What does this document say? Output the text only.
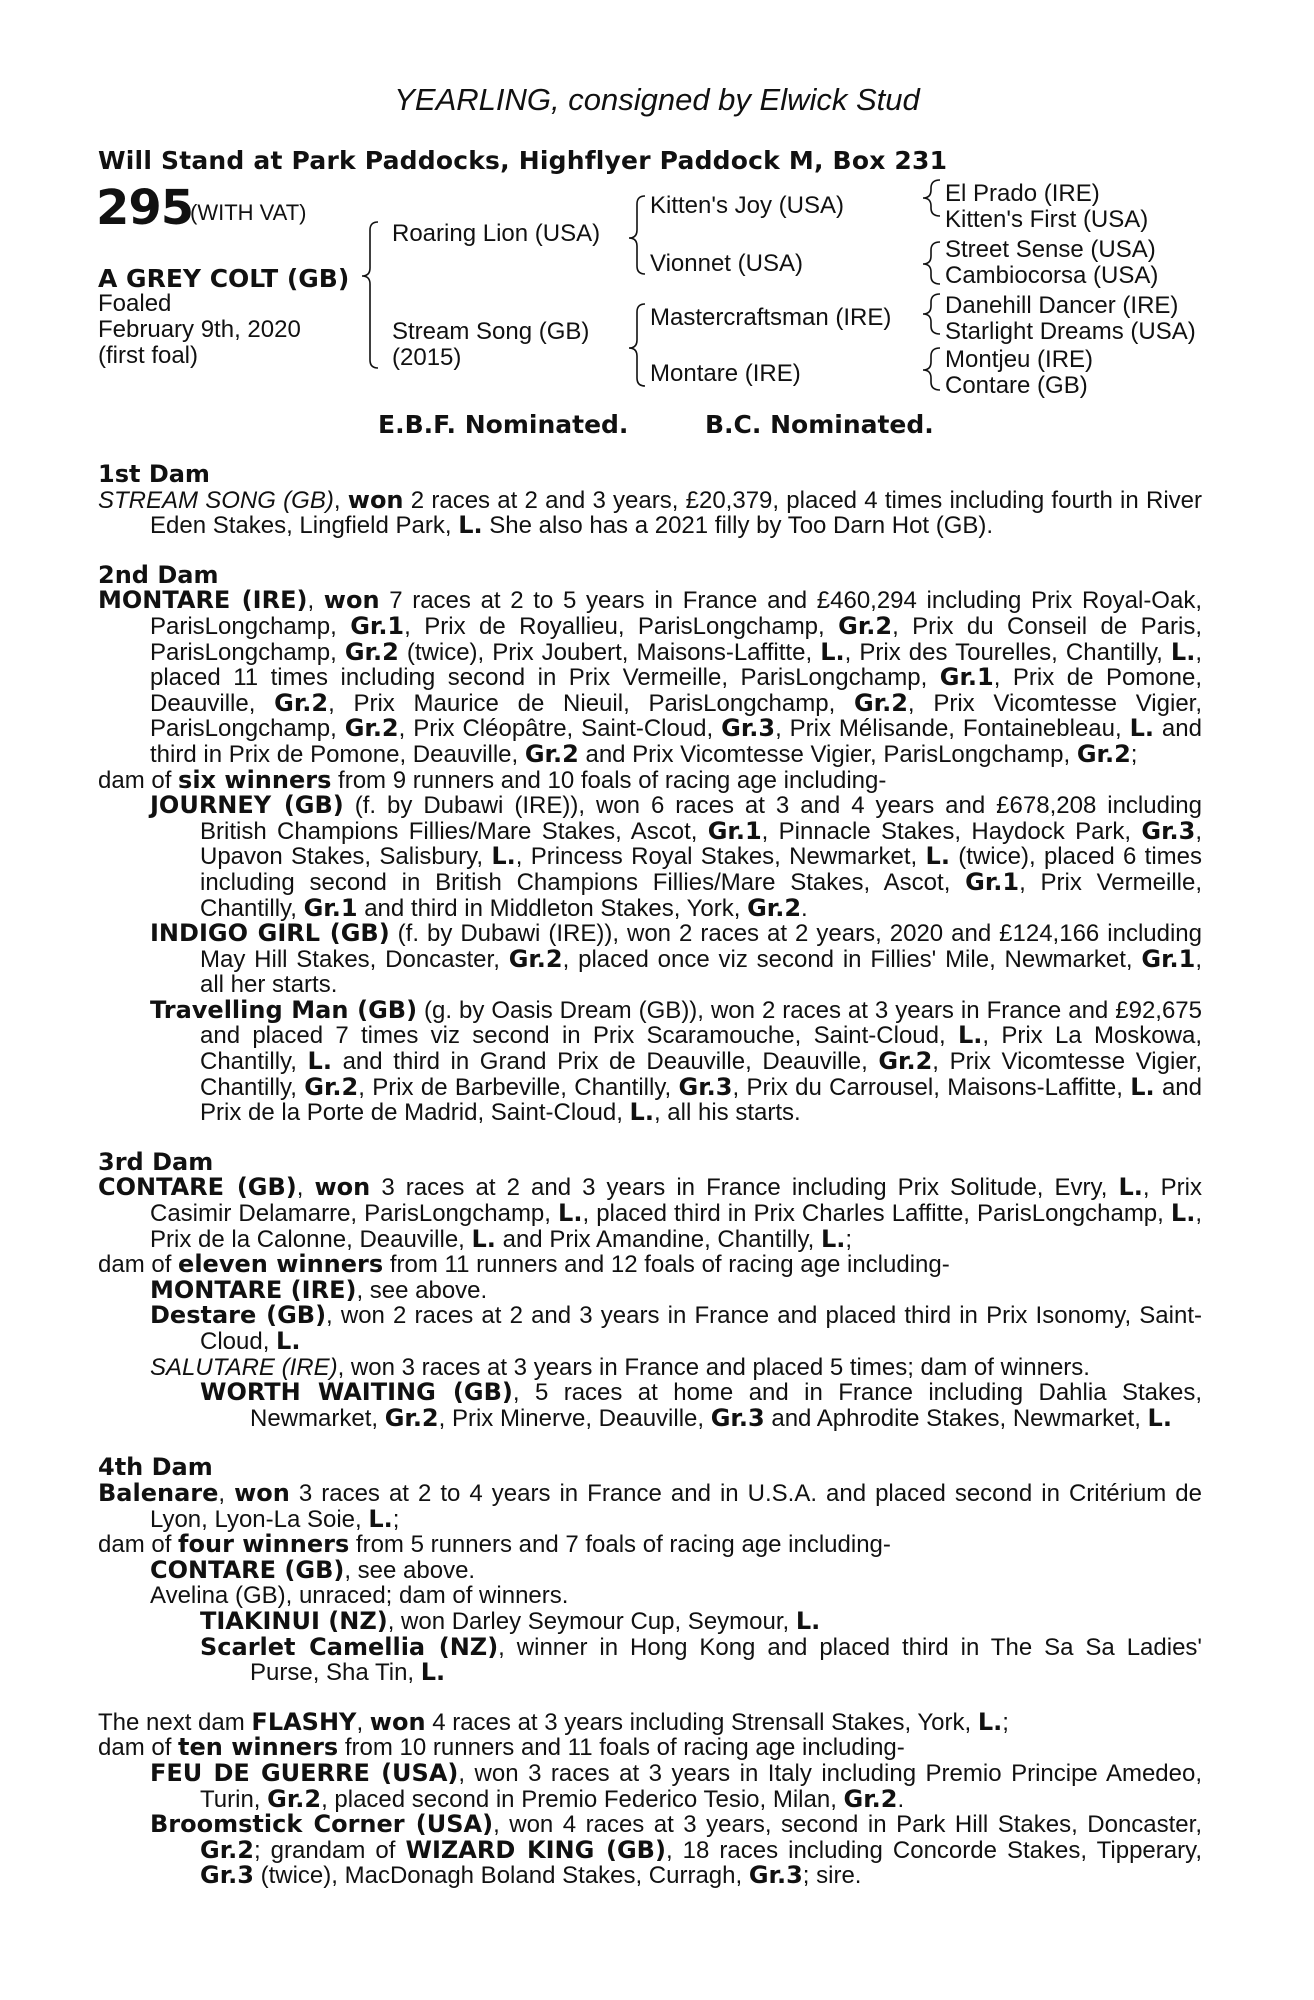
YEARLING, consigned by Elwick Stud
Will Stand at Park Paddocks, Highflyer Paddock M, Box 231
295
(WITH VAT)
A GREY COLT (GB)
Foaled
February 9th, 2020
(first foal)
Roaring Lion (USA)
Stream Song (GB)
(2015)
Kitten's Joy (USA)
Vionnet (USA)
Mastercraftsman (IRE)
Montare (IRE)
El Prado (IRE)
Kitten's First (USA)
Street Sense (USA)
Cambiocorsa (USA)
Danehill Dancer (IRE)
Starlight Dreams (USA)
Montjeu (IRE)
Contare (GB)
E.B.F. Nominated.	B.C. Nominated.
1st Dam
STREAM SONG (GB), won 2 races at 2 and 3 years, £20,379, placed 4 times including fourth in River Eden Stakes, Lingfield Park, L. She also has a 2021 filly by Too Darn Hot (GB).
2nd Dam
MONTARE (IRE), won 7 races at 2 to 5 years in France and £460,294 including Prix Royal-Oak, ParisLongchamp, Gr.1, Prix de Royallieu, ParisLongchamp, Gr.2, Prix du Conseil de Paris, ParisLongchamp, Gr.2 (twice), Prix Joubert, Maisons-Laffitte, L., Prix des Tourelles, Chantilly, L., placed 11 times including second in Prix Vermeille, ParisLongchamp, Gr.1, Prix de Pomone, Deauville, Gr.2, Prix Maurice de Nieuil, ParisLongchamp, Gr.2, Prix Vicomtesse Vigier, ParisLongchamp, Gr.2, Prix Cléopâtre, Saint-Cloud, Gr.3, Prix Mélisande, Fontainebleau, L. and third in Prix de Pomone, Deauville, Gr.2 and Prix Vicomtesse Vigier, ParisLongchamp, Gr.2;
dam of six winners from 9 runners and 10 foals of racing age including-
JOURNEY (GB) (f. by Dubawi (IRE)), won 6 races at 3 and 4 years and £678,208 including British Champions Fillies/Mare Stakes, Ascot, Gr.1, Pinnacle Stakes, Haydock Park, Gr.3, Upavon Stakes, Salisbury, L., Princess Royal Stakes, Newmarket, L. (twice), placed 6 times including second in British Champions Fillies/Mare Stakes, Ascot, Gr.1, Prix Vermeille, Chantilly, Gr.1 and third in Middleton Stakes, York, Gr.2.
INDIGO GIRL (GB) (f. by Dubawi (IRE)), won 2 races at 2 years, 2020 and £124,166 including May Hill Stakes, Doncaster, Gr.2, placed once viz second in Fillies' Mile, Newmarket, Gr.1, all her starts.
Travelling Man (GB) (g. by Oasis Dream (GB)), won 2 races at 3 years in France and £92,675 and placed 7 times viz second in Prix Scaramouche, Saint-Cloud, L., Prix La Moskowa, Chantilly, L. and third in Grand Prix de Deauville, Deauville, Gr.2, Prix Vicomtesse Vigier, Chantilly, Gr.2, Prix de Barbeville, Chantilly, Gr.3, Prix du Carrousel, Maisons-Laffitte, L. and Prix de la Porte de Madrid, Saint-Cloud, L., all his starts.
3rd Dam
CONTARE (GB), won 3 races at 2 and 3 years in France including Prix Solitude, Evry, L., Prix Casimir Delamarre, ParisLongchamp, L., placed third in Prix Charles Laffitte, ParisLongchamp, L., Prix de la Calonne, Deauville, L. and Prix Amandine, Chantilly, L.;
dam of eleven winners from 11 runners and 12 foals of racing age including-
MONTARE (IRE), see above.
Destare (GB), won 2 races at 2 and 3 years in France and placed third in Prix Isonomy, Saint-Cloud, L.
SALUTARE (IRE), won 3 races at 3 years in France and placed 5 times; dam of winners.
WORTH WAITING (GB), 5 races at home and in France including Dahlia Stakes, Newmarket, Gr.2, Prix Minerve, Deauville, Gr.3 and Aphrodite Stakes, Newmarket, L.
4th Dam
Balenare, won 3 races at 2 to 4 years in France and in U.S.A. and placed second in Critérium de Lyon, Lyon-La Soie, L.;
dam of four winners from 5 runners and 7 foals of racing age including-
CONTARE (GB), see above.
Avelina (GB), unraced; dam of winners.
TIAKINUI (NZ), won Darley Seymour Cup, Seymour, L.
Scarlet Camellia (NZ), winner in Hong Kong and placed third in The Sa Sa Ladies' Purse, Sha Tin, L.
The next dam FLASHY, won 4 races at 3 years including Strensall Stakes, York, L.;
dam of ten winners from 10 runners and 11 foals of racing age including-
FEU DE GUERRE (USA), won 3 races at 3 years in Italy including Premio Principe Amedeo, Turin, Gr.2, placed second in Premio Federico Tesio, Milan, Gr.2.
Broomstick Corner (USA), won 4 races at 3 years, second in Park Hill Stakes, Doncaster, Gr.2; grandam of WIZARD KING (GB), 18 races including Concorde Stakes, Tipperary, Gr.3 (twice), MacDonagh Boland Stakes, Curragh, Gr.3; sire.
